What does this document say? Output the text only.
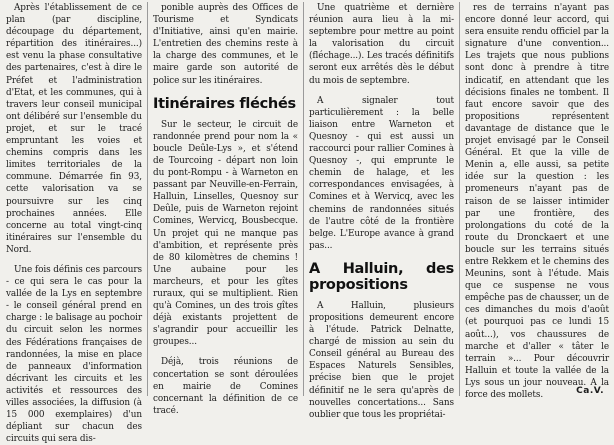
Après l'établissement de ce plan (par discipline, découpage du département, répartition des itinéraires...) est venu la phase consultative des partenaires, c'est à dire le Préfet et l'administration d'Etat, et les communes, qui à travers leur conseil municipal ont délibéré sur l'ensemble du projet, et sur le tracé empruntant les voies et chemins compris dans les limites territoriales de la commune. Démarrée fin 93, cette valorisation va se poursuivre sur les cinq prochaines années. Elle concerne au total vingt-cinq itinéraires sur l'ensemble du Nord.

Une fois définis ces parcours - ce qui sera le cas pour la vallée de la Lys en septembre - le conseil général prend en charge : le balisage au pochoir du circuit selon les normes des Fédérations françaises de randonnées, la mise en place de panneaux d'information décrivant les circuits et les activités et ressources des villes associées, la diffusion (à 15 000 exemplaires) d'un dépliant sur chacun des circuits qui sera dis-

ponible auprès des Offices de Tourisme et Syndicats d'Initiative, ainsi qu'en mairie. L'entretien des chemins reste à la charge des communes, et le maire garde son autorité de police sur les itinéraires.

Itinéraires fléchés

Sur le secteur, le circuit de randonnée prend pour nom la « boucle Deûle-Lys », et s'étend de Tourcoing - départ non loin du pont-Rompu - à Warneton en passant par Neuville-en-Ferrain, Halluin, Linselles, Quesnoy sur Deûle, puis de Warneton rejoint Comines, Wervicq, Bousbecque. Un projet qui ne manque pas d'ambition, et représente près de 80 kilomètres de chemins ! Une aubaine pour les marcheurs, et pour les gîtes ruraux, qui se multiplient. Rien qu'à Comines, un des trois gîtes déjà existants projettent de s'agrandir pour accueillir les groupes...

Déjà, trois réunions de concertation se sont déroulées en mairie de Comines concernant la définition de ce tracé.

Une quatrième et dernière réunion aura lieu à la mi-septembre pour mettre au point la valorisation du circuit (fléchage...). Les tracés définitifs seront eux arrêtés dès le début du mois de septembre.

A signaler tout particulièrement : la belle liaison entre Warneton et Quesnoy - qui est aussi un raccourci pour rallier Comines à Quesnoy -, qui emprunte le chemin de halage, et les correspondances envisagées, à Comines et à Wervicq, avec les chemins de randonnées situés de l'autre côté de la frontière belge. L'Europe avance à grand pas...

A Halluin, des propositions

A Halluin, plusieurs propositions demeurent encore à l'étude. Patrick Delnatte, chargé de mission au sein du Conseil général au Bureau des Espaces Naturels Sensibles, précise bien que le projet définitif ne le sera qu'après de nouvelles concertations... Sans oublier que tous les propriétai-

res de terrains n'ayant pas encore donné leur accord, qui sera ensuite rendu officiel par la signature d'une convention... Les trajets que nous publions sont donc à prendre à titre indicatif, en attendant que les décisions finales ne tombent. Il faut encore savoir que des propositions représentent davantage de distance que le projet envisagé par le Conseil Général. Et que la ville de Menin a, elle aussi, sa petite idée sur la question : les promeneurs n'ayant pas de raison de se laisser intimider par une frontière, des prolongations du coté de la route du Dronckaert et une boucle sur les terrains situés entre Rekkem et le chemins des Meunins, sont à l'étude. Mais que ce suspense ne vous empêche pas de chausser, un de ces dimanches du mois d'août (et pourquoi pas ce lundi 15 août...), vos chaussures de marche et d'aller « tâter le terrain »... Pour découvrir Halluin et toute la vallée de la Lys sous un jour nouveau. A la force des mollets.	Ca.V.
